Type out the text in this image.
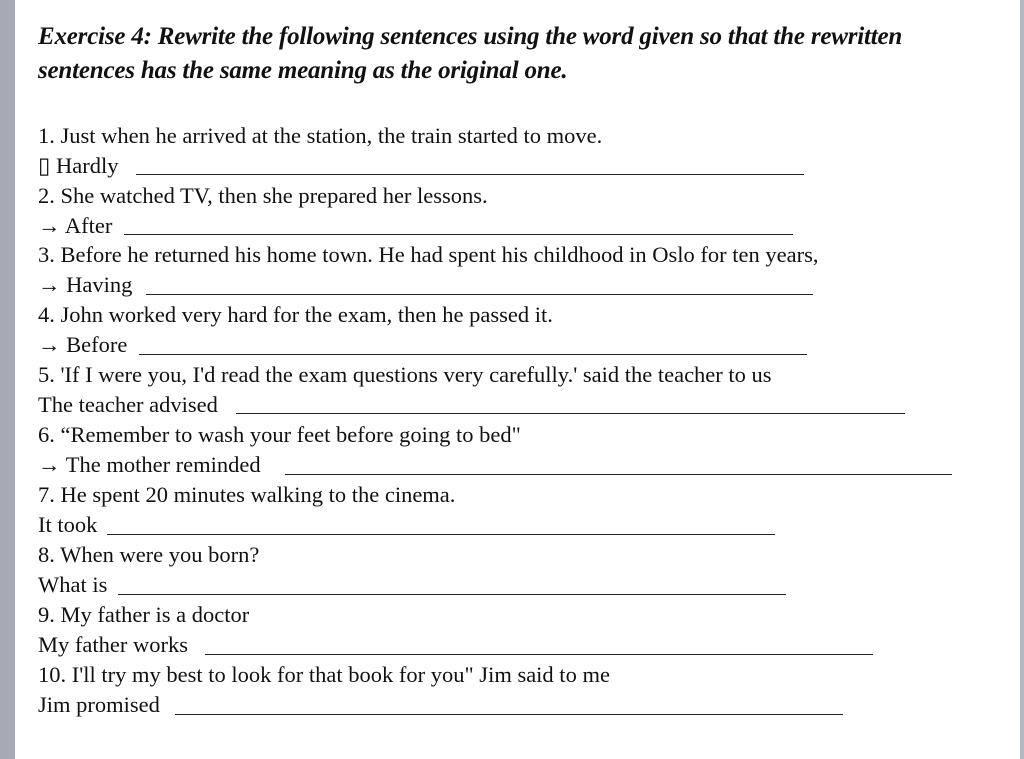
Exercise 4: Rewrite the following sentences using the word given so that the rewritten sentences has the same meaning as the original one.
1. Just when he arrived at the station, the train started to move.
▯ Hardly
2. She watched TV, then she prepared her lessons.
→ After
3. Before he returned his home town. He had spent his childhood in Oslo for ten years,
→ Having
4. John worked very hard for the exam, then he passed it.
→ Before
5. 'If I were you, I'd read the exam questions very carefully.' said the teacher to us
The teacher advised
6. “Remember to wash your feet before going to bed"
→ The mother reminded
7. He spent 20 minutes walking to the cinema.
It took
8. When were you born?
What is
9. My father is a doctor
My father works
10. I'll try my best to look for that book for you" Jim said to me
Jim promised
